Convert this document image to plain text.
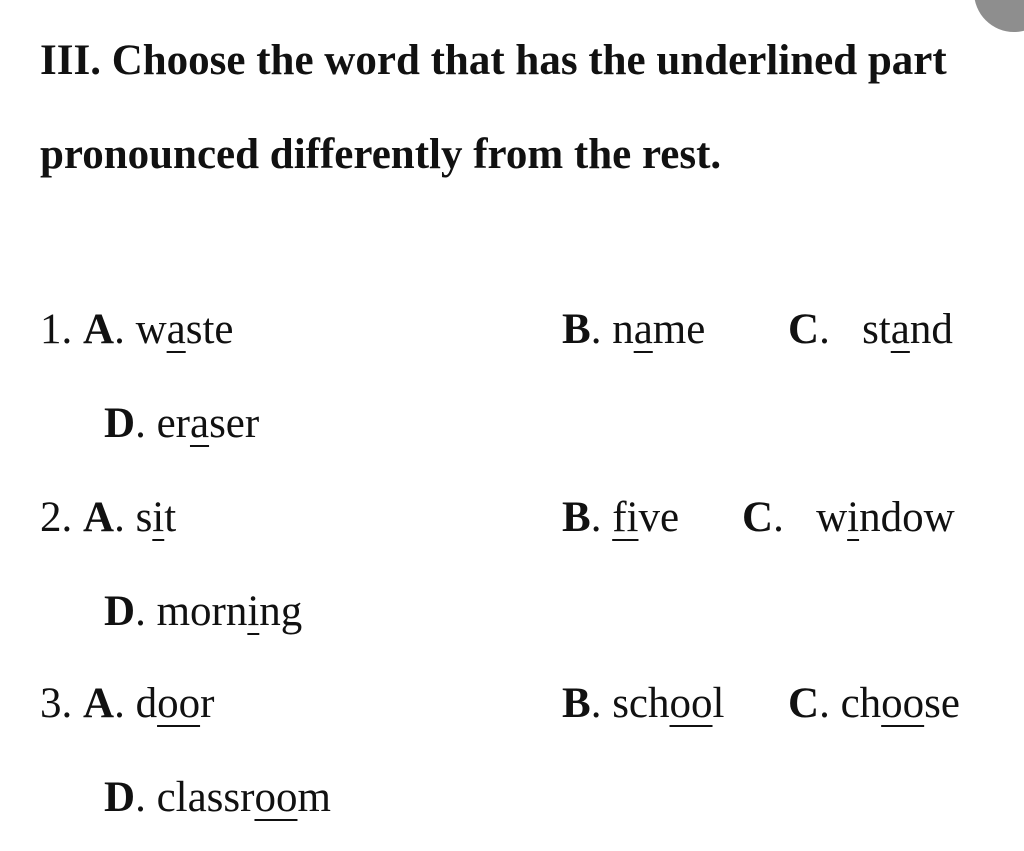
III. Choose the word that has the underlined part pronounced differently from the rest.

1. A. waste	B. name C.   stand
D. eraser
2. A. sit	B. five C.   window
D. morning
3. A. door	B. school C. choose
D. classroom
